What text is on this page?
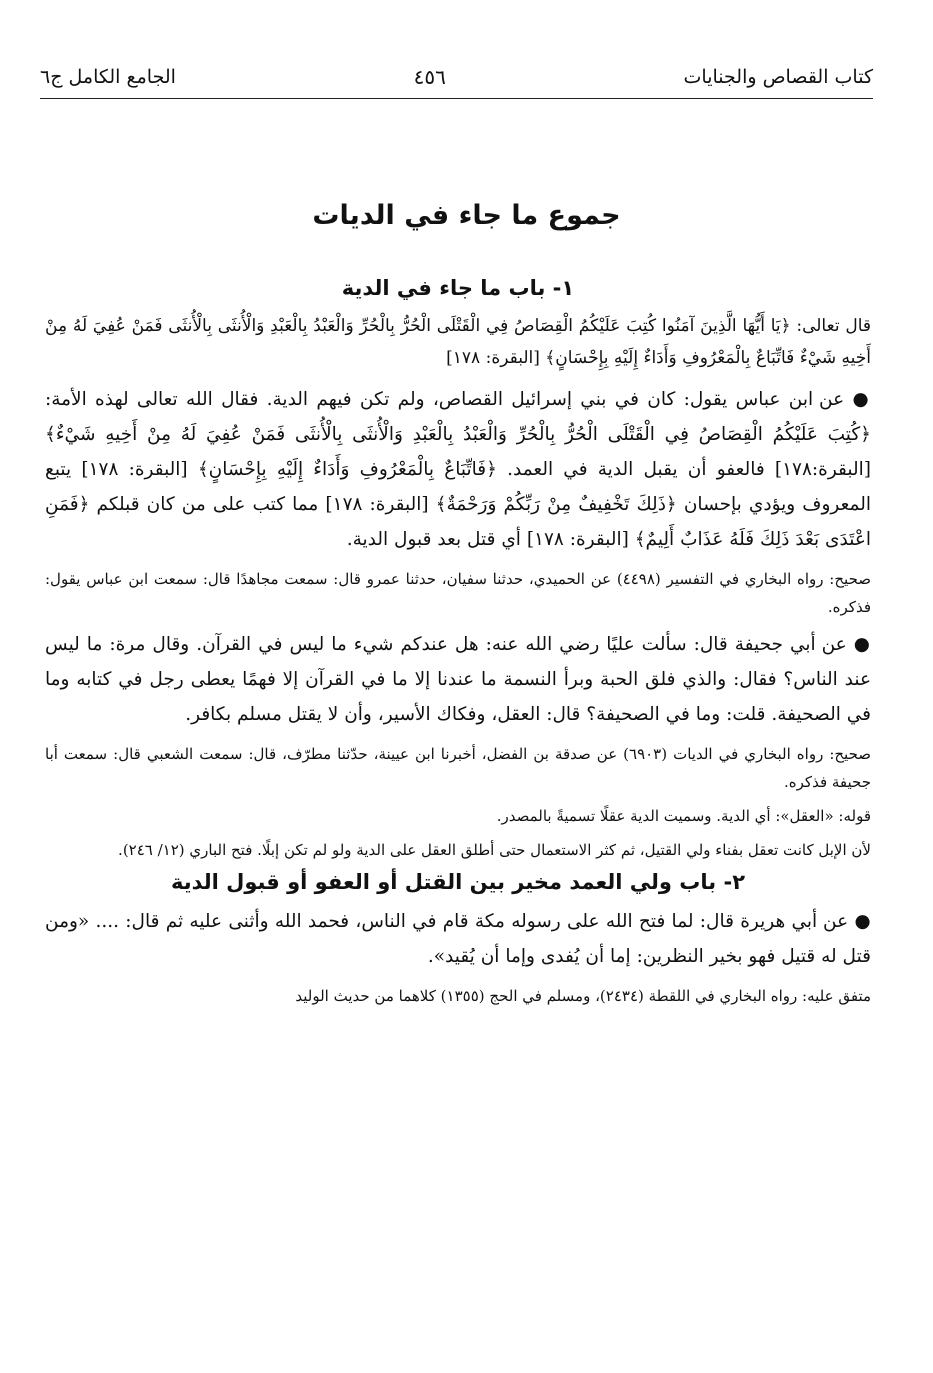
كتاب القصاص والجنايات
٤٥٦
الجامع الكامل ج٦
جموع ما جاء في الديات
١- باب ما جاء في الدية

قال تعالى: ﴿يَا أَيُّهَا الَّذِينَ آمَنُوا كُتِبَ عَلَيْكُمُ الْقِصَاصُ فِي الْقَتْلَى الْحُرُّ بِالْحُرِّ وَالْعَبْدُ بِالْعَبْدِ وَالْأُنثَى بِالْأُنثَى فَمَنْ عُفِيَ لَهُ مِنْ أَخِيهِ شَيْءٌ فَاتِّبَاعٌ بِالْمَعْرُوفِ وَأَدَاءٌ إِلَيْهِ بِإِحْسَانٍ﴾ [البقرة: ١٧٨]

● عن ابن عباس يقول: كان في بني إسرائيل القصاص، ولم تكن فيهم الدية. فقال الله تعالى لهذه الأمة: ﴿كُتِبَ عَلَيْكُمُ الْقِصَاصُ فِي الْقَتْلَى الْحُرُّ بِالْحُرِّ وَالْعَبْدُ بِالْعَبْدِ وَالْأُنثَى بِالْأُنثَى فَمَنْ عُفِيَ لَهُ مِنْ أَخِيهِ شَيْءٌ﴾ [البقرة:١٧٨] فالعفو أن يقبل الدية في العمد. ﴿فَاتِّبَاعٌ بِالْمَعْرُوفِ وَأَدَاءٌ إِلَيْهِ بِإِحْسَانٍ﴾ [البقرة: ١٧٨] يتبع المعروف ويؤدي بإحسان ﴿ذَلِكَ تَخْفِيفٌ مِنْ رَبِّكُمْ وَرَحْمَةٌ﴾ [البقرة: ١٧٨] مما كتب على من كان قبلكم ﴿فَمَنِ اعْتَدَى بَعْدَ ذَلِكَ فَلَهُ عَذَابٌ أَلِيمٌ﴾ [البقرة: ١٧٨] أي قتل بعد قبول الدية.

صحيح: رواه البخاري في التفسير (٤٤٩٨) عن الحميدي، حدثنا سفيان، حدثنا عمرو قال: سمعت مجاهدًا قال: سمعت ابن عباس يقول: فذكره.

● عن أبي جحيفة قال: سألت عليًا رضي الله عنه: هل عندكم شيء ما ليس في القرآن. وقال مرة: ما ليس عند الناس؟ فقال: والذي فلق الحبة وبرأ النسمة ما عندنا إلا ما في القرآن إلا فهمًا يعطى رجل في كتابه وما في الصحيفة. قلت: وما في الصحيفة؟ قال: العقل، وفكاك الأسير، وأن لا يقتل مسلم بكافر.

صحيح: رواه البخاري في الديات (٦٩٠٣) عن صدقة بن الفضل، أخبرنا ابن عيينة، حدّثنا مطرّف، قال: سمعت الشعبي قال: سمعت أبا جحيفة فذكره.

قوله: «العقل»: أي الدية. وسميت الدية عقلًا تسميةً بالمصدر.

لأن الإبل كانت تعقل بفناء ولي القتيل، ثم كثر الاستعمال حتى أطلق العقل على الدية ولو لم تكن إبلًا. فتح الباري (١٢/ ٢٤٦).

٢- باب ولي العمد مخير بين القتل أو العفو أو قبول الدية

● عن أبي هريرة قال: لما فتح الله على رسوله مكة قام في الناس، فحمد الله وأثنى عليه ثم قال: .... «ومن قتل له قتيل فهو بخير النظرين: إما أن يُفدى وإما أن يُقيد».

متفق عليه: رواه البخاري في اللقطة (٢٤٣٤)، ومسلم في الحج (١٣٥٥) كلاهما من حديث الوليد
